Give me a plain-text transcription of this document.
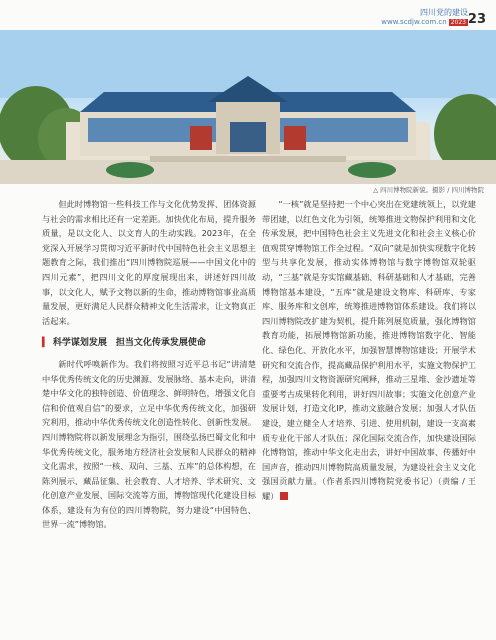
四川党的建设
www.scdjw.com.cn 2023 23
△ 四川博物院新貌。摄影 / 四川博物院

但此时博物馆一些科技工作与文化优势发挥、团体资源与社会的需求相比还有一定差距。加快优化布局，提升服务质量，是以文化人、以文育人的生动实践。2023年，在全党深入开展学习贯彻习近平新时代中国特色社会主义思想主题教育之际，我们推出“四川博物院巡展——中国文化中的四川元素”，把四川文化的厚度展现出来，讲述好四川故事，以文化人，赋予文物以新的生命，推动博物馆事业高质量发展，更好满足人民群众精神文化生活需求，让文物真正活起来。

▍ 科学谋划发展　担当文化传承发展使命

新时代呼唤新作为。我们将按照习近平总书记“讲清楚中华优秀传统文化的历史渊源、发展脉络、基本走向，讲清楚中华文化的独特创造、价值理念、鲜明特色，增强文化自信和价值观自信”的要求，立足中华优秀传统文化，加强研究利用，推动中华优秀传统文化创造性转化、创新性发展。四川博物院将以新发展理念为指引，围绕弘扬巴蜀文化和中华优秀传统文化，服务地方经济社会发展和人民群众的精神文化需求，按照“一核、双向、三基、五库”的总体构想，在陈列展示、藏品征集、社会教育、人才培养、学术研究、文化创意产业发展、国际交流等方面，博物馆现代化建设目标体系，建设有为有位的四川博物院，努力建设“中国特色、世界一流”博物馆。

“一核”就是坚持把一个中心突出在党建统领上，以党建带团建，以红色文化为引领，统筹推进文物保护利用和文化传承发展，把中国特色社会主义先进文化和社会主义核心价值观贯穿博物馆工作全过程。“双向”就是加快实现数字化转型与共享化发展，推动实体博物馆与数字博物馆双轮驱动，“三基”就是夯实馆藏基础、科研基础和人才基础，完善博物馆基本建设，“五库”就是建设文物库、科研库、专家库、服务库和文创库，统筹推进博物馆体系建设。我们将以四川博物院改扩建为契机，提升陈列展览质量，强化博物馆教育功能，拓展博物馆新功能，推进博物馆数字化、智能化、绿色化、开放化水平，加强智慧博物馆建设；开展学术研究和交流合作，提高藏品保护利用水平，实施文物保护工程，加强四川文物资源研究阐释，推动三星堆、金沙遗址等重要考古成果转化利用，讲好四川故事；实施文化创意产业发展计划，打造文化IP，推动文旅融合发展；加强人才队伍建设，建立健全人才培养、引进、使用机制，建设一支高素质专业化干部人才队伍；深化国际交流合作，加快建设国际化博物馆，推动中华文化走出去，讲好中国故事、传播好中国声音，推动四川博物院高质量发展，为建设社会主义文化强国贡献力量。（作者系四川博物院党委书记）（责编 / 王耀）
